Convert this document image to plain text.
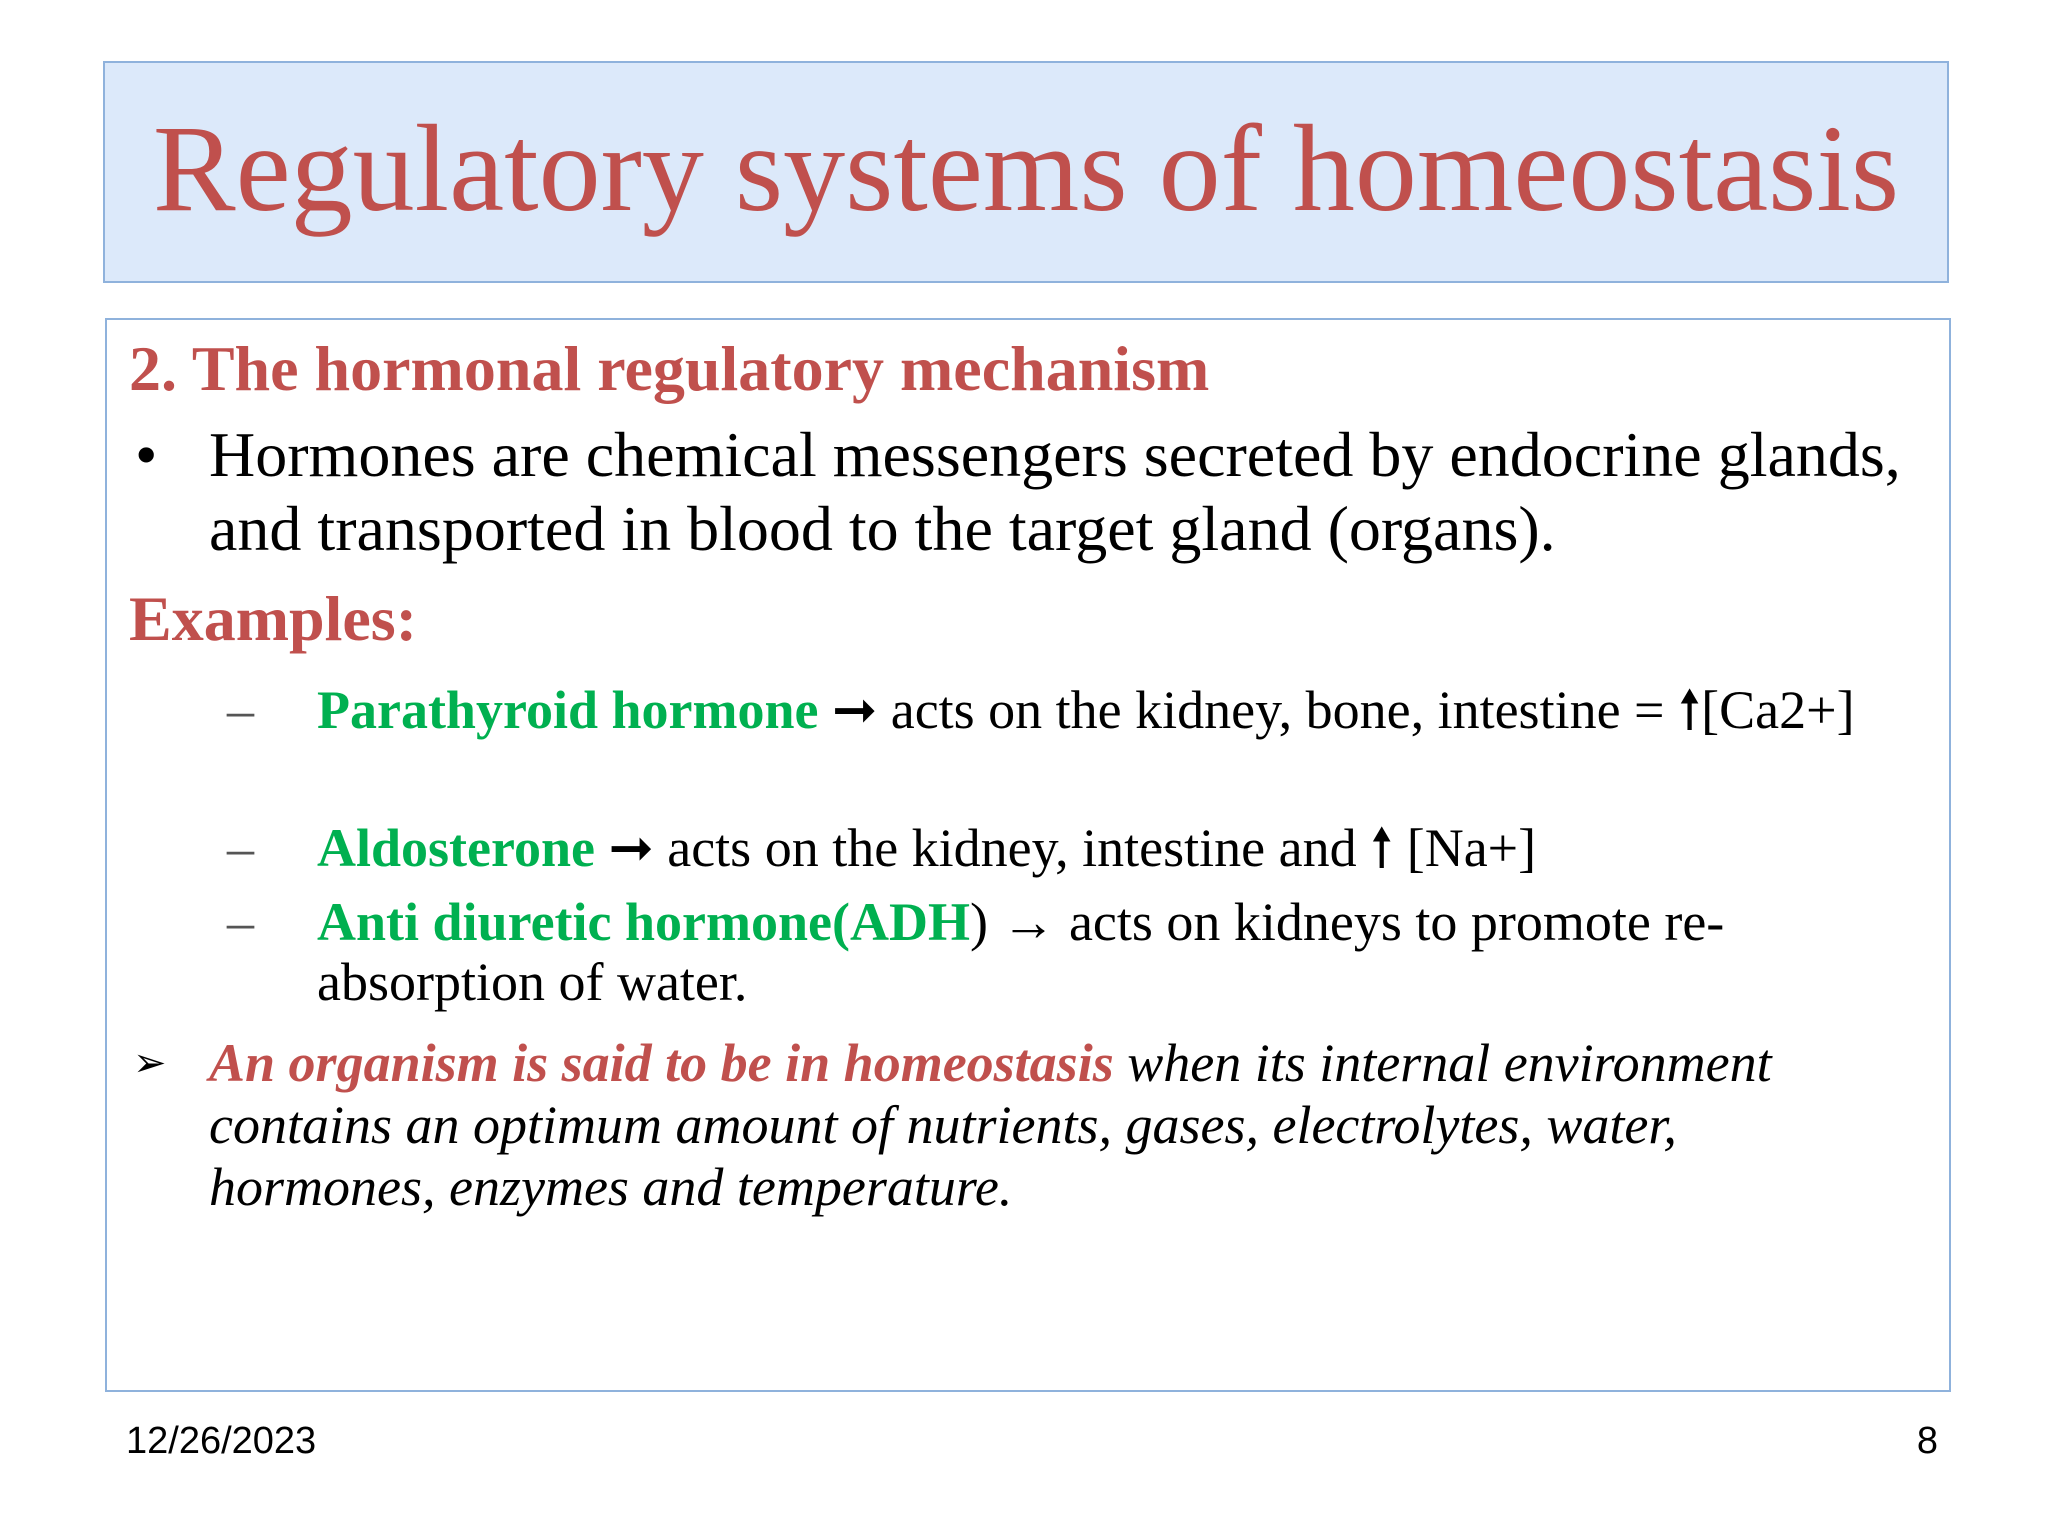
Regulatory systems of homeostasis
2. The hormonal regulatory mechanism
• Hormones are chemical messengers secreted by endocrine glands, and transported in blood to the target gland (organs).
Examples:
– Parathyroid hormone ➞ acts on the kidney, bone, intestine = 🠕[Ca2+]
– Aldosterone ➞ acts on the kidney, intestine and 🠕 [Na+]
– Anti diuretic hormone(ADH) → acts on kidneys to promote re-absorption of water.
➢ An organism is said to be in homeostasis when its internal environment contains an optimum amount of nutrients, gases, electrolytes, water, hormones, enzymes and temperature.
12/26/2023	8
